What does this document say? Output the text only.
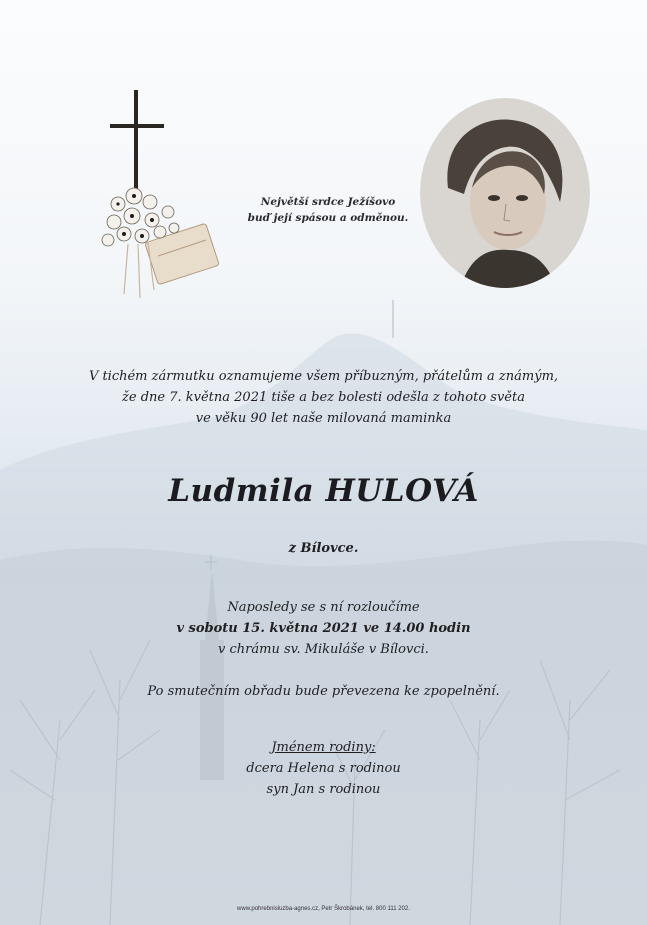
Největší srdce Ježíšovo
buď její spásou a odměnou.
V tichém zármutku oznamujeme všem příbuzným, přátelům a známým,
že dne 7. května 2021 tiše a bez bolesti odešla z tohoto světa
ve věku 90 let naše milovaná maminka
Ludmila HULOVÁ
z Bílovce.
Naposledy se s ní rozloučíme
v sobotu 15. května 2021 ve 14.00 hodin
v chrámu sv. Mikuláše v Bílovci.
Po smutečním obřadu bude převezena ke zpopelnění.
Jménem rodiny:
dcera Helena s rodinou
syn Jan s rodinou
www.pohrebnisluzba-agnes.cz, Petr Škrobánek, tel. 800 111 202.
